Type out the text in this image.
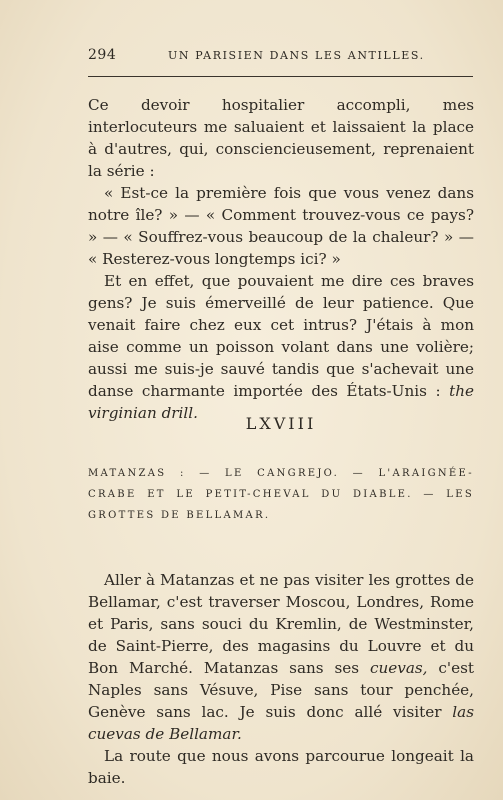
294	UN PARISIEN DANS LES ANTILLES.

Ce devoir hospitalier accompli, mes interlocuteurs me saluaient et laissaient la place à d'autres, qui, consciencieusement, reprenaient la série :

« Est-ce la première fois que vous venez dans notre île? » — « Comment trouvez-vous ce pays? » — « Souffrez-vous beaucoup de la chaleur? » — « Resterez-vous longtemps ici? »

Et en effet, que pouvaient me dire ces braves gens? Je suis émerveillé de leur patience. Que venait faire chez eux cet intrus? J'étais à mon aise comme un poisson volant dans une volière; aussi me suis-je sauvé tandis que s'achevait une danse charmante importée des États-Unis : the virginian drill.

LXVIII
MATANZAS : — LE CANGREJO. — L'ARAIGNÉE-CRABE ET LE PETIT-CHEVAL DU DIABLE. — LES GROTTES DE BELLAMAR.

Aller à Matanzas et ne pas visiter les grottes de Bellamar, c'est traverser Moscou, Londres, Rome et Paris, sans souci du Kremlin, de Westminster, de Saint-Pierre, des magasins du Louvre et du Bon Marché. Matanzas sans ses cuevas, c'est Naples sans Vésuve, Pise sans tour penchée, Genève sans lac. Je suis donc allé visiter las cuevas de Bellamar.

La route que nous avons parcourue longeait la baie.
